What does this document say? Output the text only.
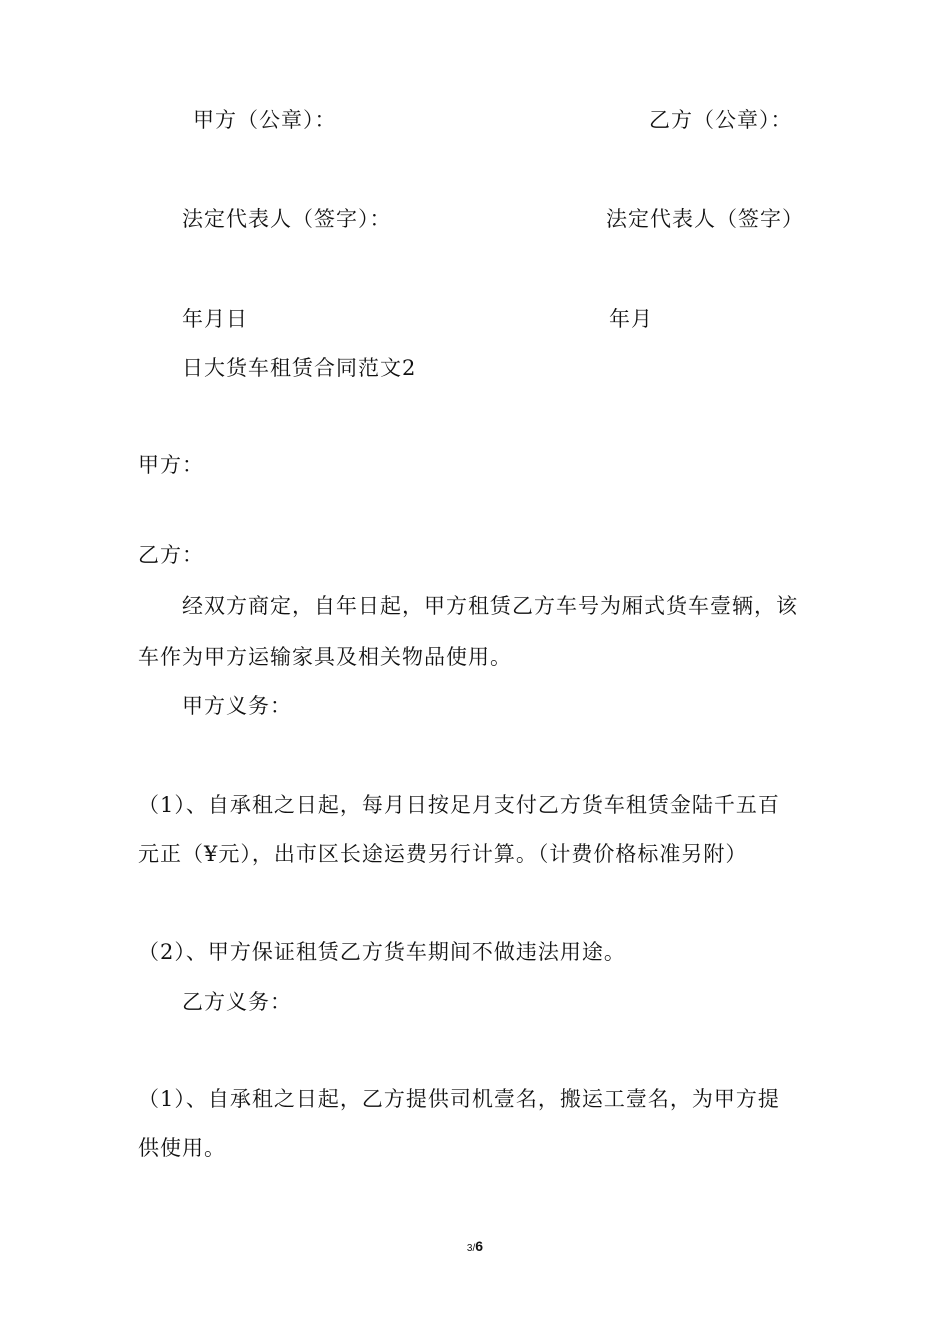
甲方（公章）：	乙方（公章）：
法定代表人（签字）：	法定代表人（签字）
年月日	年月
日大货车租赁合同范文2
甲方：
乙方：
经双方商定，自年日起，甲方租赁乙方车号为厢式货车壹辆，该
车作为甲方运输家具及相关物品使用。
甲方义务：
（1）、自承租之日起，每月日按足月支付乙方货车租赁金陆千五百
元正（¥元），出市区长途运费另行计算。（计费价格标准另附）
（2）、甲方保证租赁乙方货车期间不做违法用途。
乙方义务：
（1）、自承租之日起，乙方提供司机壹名，搬运工壹名，为甲方提
供使用。
3/6
